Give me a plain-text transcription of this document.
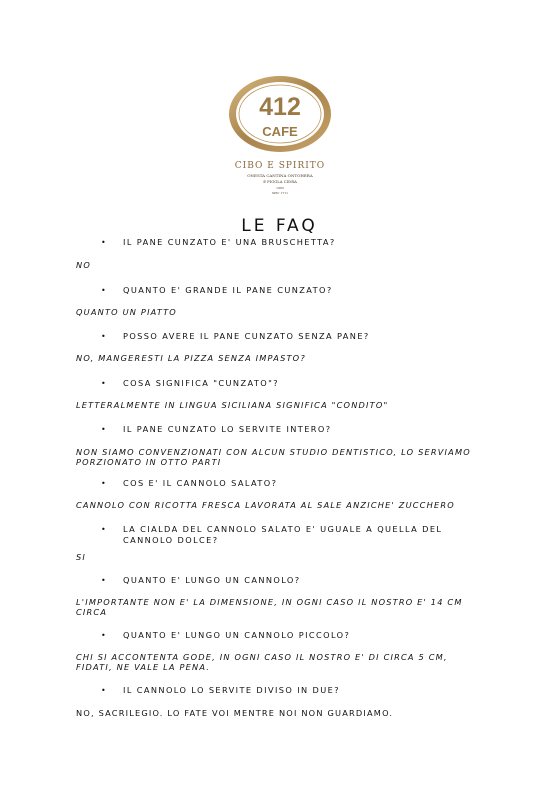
412
CAFE
CIBO E SPIRITO
ONESTA CANTINA ONTOHERA
E PIGGLA CIDRA
1983
SPIC 1711
LE FAQ

• IL PANE CUNZATO E' UNA BRUSCHETTA?

NO

• QUANTO E' GRANDE IL PANE CUNZATO?

QUANTO UN PIATTO

• POSSO AVERE IL PANE CUNZATO SENZA PANE?

NO, MANGERESTI LA PIZZA SENZA IMPASTO?

• COSA SIGNIFICA "CUNZATO"?

LETTERALMENTE IN LINGUA SICILIANA SIGNIFICA "CONDITO"

• IL PANE CUNZATO LO SERVITE INTERO?

NON SIAMO CONVENZIONATI CON ALCUN STUDIO DENTISTICO, LO SERVIAMO PORZIONATO IN OTTO PARTI

• COS E' IL CANNOLO SALATO?

CANNOLO CON RICOTTA FRESCA LAVORATA AL SALE ANZICHE' ZUCCHERO

• LA CIALDA DEL CANNOLO SALATO E' UGUALE A QUELLA DEL CANNOLO DOLCE?

SI

• QUANTO E' LUNGO UN CANNOLO?

L'IMPORTANTE NON E' LA DIMENSIONE, IN OGNI CASO IL NOSTRO E' 14 CM CIRCA

• QUANTO E' LUNGO UN CANNOLO PICCOLO?

CHI SI ACCONTENTA GODE, IN OGNI CASO IL NOSTRO E' DI CIRCA 5 CM, FIDATI, NE VALE LA PENA.

• IL CANNOLO LO SERVITE DIVISO IN DUE?

NO, SACRILEGIO. LO FATE VOI MENTRE NOI NON GUARDIAMO.
